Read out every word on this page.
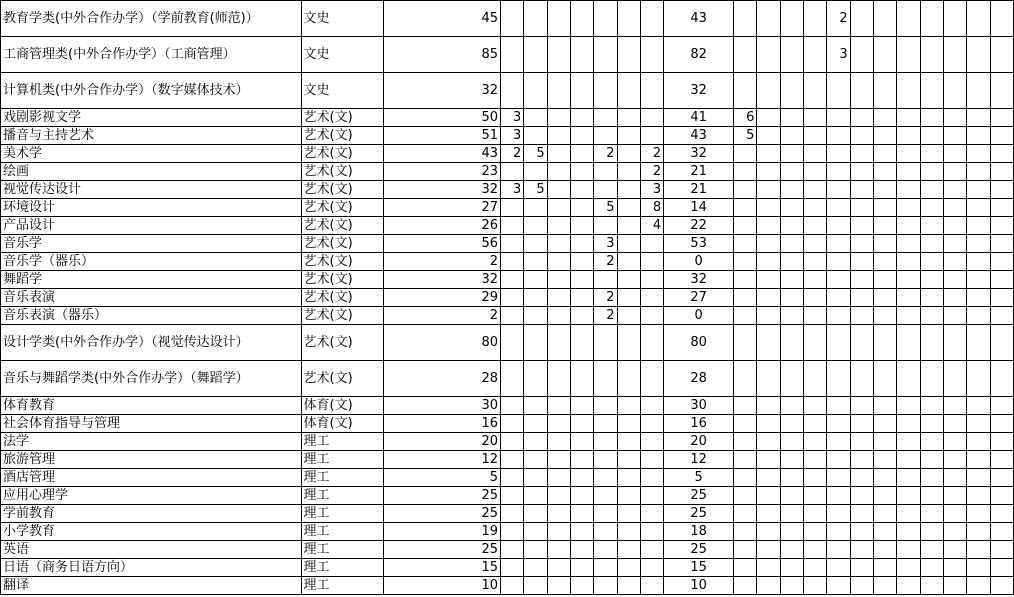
教育学类(中外合作办学）（学前教育(师范)）	文史	45								43					2							
工商管理类(中外合作办学）（工商管理）	文史	85								82					3							
计算机类(中外合作办学）（数字媒体技术）	文史	32								32												
戏剧影视文学	艺术(文)	50	3							41	6											
播音与主持艺术	艺术(文)	51	3							43	5											
美术学	艺术(文)	43	2	5			2		2	32												
绘画	艺术(文)	23							2	21												
视觉传达设计	艺术(文)	32	3	5					3	21												
环境设计	艺术(文)	27					5		8	14												
产品设计	艺术(文)	26							4	22												
音乐学	艺术(文)	56					3			53												
音乐学（器乐）	艺术(文)	2					2			0												
舞蹈学	艺术(文)	32								32												
音乐表演	艺术(文)	29					2			27												
音乐表演（器乐）	艺术(文)	2					2			0												
设计学类(中外合作办学）（视觉传达设计）	艺术(文)	80								80												
音乐与舞蹈学类(中外合作办学）（舞蹈学）	艺术(文)	28								28												
体育教育	体育(文)	30								30												
社会体育指导与管理	体育(文)	16								16												
法学	理工	20								20												
旅游管理	理工	12								12												
酒店管理	理工	5								5												
应用心理学	理工	25								25												
学前教育	理工	25								25												
小学教育	理工	19								18												
英语	理工	25								25												
日语（商务日语方向）	理工	15								15												
翻译	理工	10								10												
